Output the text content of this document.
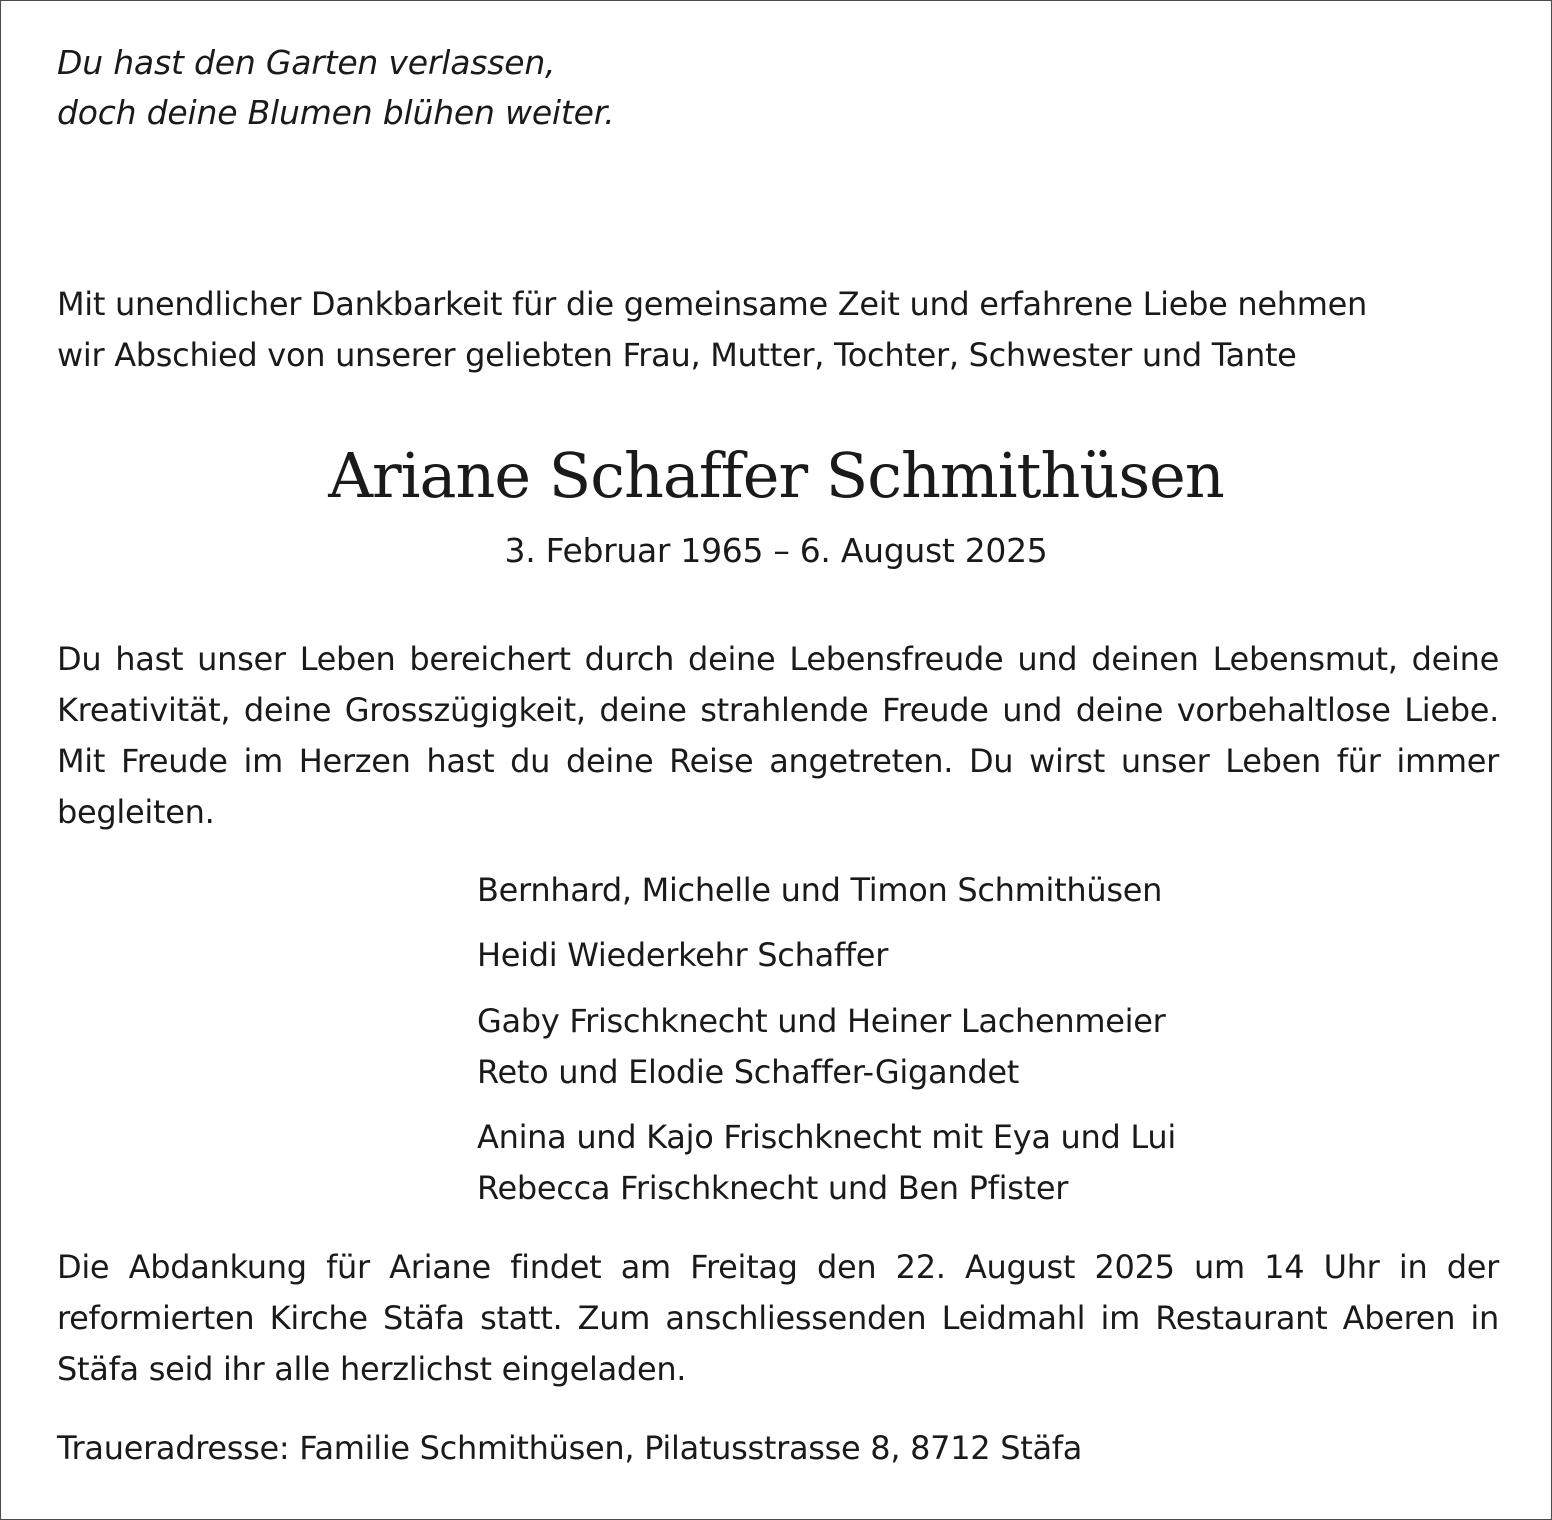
Du hast den Garten verlassen,

doch deine Blumen blühen weiter.

Mit unendlicher Dankbarkeit für die gemeinsame Zeit und erfahrene Liebe nehmen

wir Abschied von unserer geliebten Frau, Mutter, Tochter, Schwester und Tante

Ariane Schaffer Schmithüsen

3. Februar 1965 – 6. August 2025

Du hast unser Leben bereichert durch deine Lebensfreude und deinen Lebensmut, deine Kreativität, deine Grosszügigkeit, deine strahlende Freude und deine vorbehaltlose Liebe. Mit Freude im Herzen hast du deine Reise angetreten. Du wirst unser Leben für immer begleiten.

Bernhard, Michelle und Timon Schmithüsen

Heidi Wiederkehr Schaffer

Gaby Frischknecht und Heiner Lachenmeier

Reto und Elodie Schaffer-Gigandet

Anina und Kajo Frischknecht mit Eya und Lui

Rebecca Frischknecht und Ben Pfister

Die Abdankung für Ariane findet am Freitag den 22. August 2025 um 14 Uhr in der reformierten Kirche Stäfa statt. Zum anschliessenden Leidmahl im Restaurant Aberen in Stäfa seid ihr alle herzlichst eingeladen.

Traueradresse: Familie Schmithüsen, Pilatusstrasse 8, 8712 Stäfa
